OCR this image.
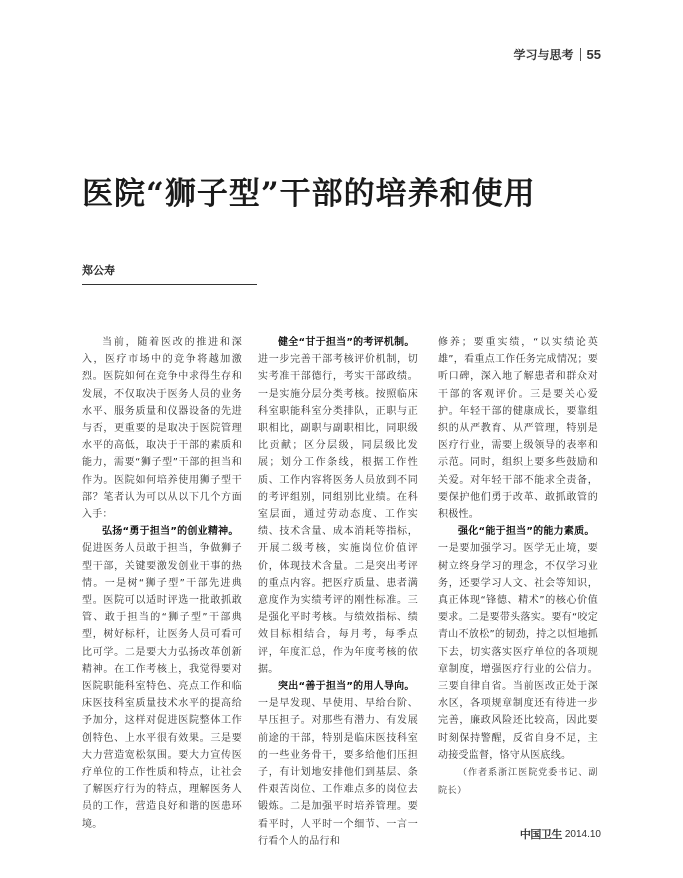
学习与思考 55
医院“狮子型”干部的培养和使用
郑公寿

当前，随着医改的推进和深入，医疗市场中的竞争将越加激烈。医院如何在竞争中求得生存和发展，不仅取决于医务人员的业务水平、服务质量和仪器设备的先进与否，更重要的是取决于医院管理水平的高低，取决于干部的素质和能力，需要“狮子型”干部的担当和作为。医院如何培养使用狮子型干部？笔者认为可以从以下几个方面入手：

弘扬“勇于担当”的创业精神。

促进医务人员敢于担当，争做狮子型干部，关键要激发创业干事的热情。一是树“狮子型”干部先进典型。医院可以适时评选一批敢抓敢管、敢于担当的“狮子型”干部典型，树好标杆，让医务人员可看可比可学。二是要大力弘扬改革创新精神。在工作考核上，我觉得要对医院职能科室特色、亮点工作和临床医技科室质量技术水平的提高给予加分，这样对促进医院整体工作创特色、上水平很有效果。三是要大力营造宽松氛围。要大力宣传医疗单位的工作性质和特点，让社会了解医疗行为的特点，理解医务人员的工作，营造良好和谐的医患环境。

健全“甘于担当”的考评机制。

进一步完善干部考核评价机制，切实考准干部德行，考实干部政绩。一是实施分层分类考核。按照临床科室职能科室分类排队，正职与正职相比，副职与副职相比，同职级比贡献；区分层级，同层级比发展；划分工作条线，根据工作性质、工作内容将医务人员放到不同的考评组别，同组别比业绩。在科室层面，通过劳动态度、工作实绩、技术含量、成本消耗等指标，开展二级考核，实施岗位价值评价，体现技术含量。二是突出考评的重点内容。把医疗质量、患者满意度作为实绩考评的刚性标准。三是强化平时考核。与绩效指标、绩效目标相结合，每月考，每季点评，年度汇总，作为年度考核的依据。

突出“善于担当”的用人导向。

一是早发现、早使用、早给台阶、早压担子。对那些有潜力、有发展前途的干部，特别是临床医技科室的一些业务骨干，要多给他们压担子，有计划地安排他们到基层、条件艰苦岗位、工作难点多的岗位去锻炼。二是加强平时培养管理。要看平时，人平时一个细节、一言一行看个人的品行和

修养；要重实绩，“以实绩论英雄”，看重点工作任务完成情况；要听口碑，深入地了解患者和群众对干部的客观评价。三是要关心爱护。年轻干部的健康成长，要靠组织的从严教育、从严管理，特别是医疗行业，需要上级领导的表率和示范。同时，组织上要多些鼓励和关爱。对年轻干部不能求全责备，要保护他们勇于改革、敢抓敢管的积极性。

强化“能于担当”的能力素质。

一是要加强学习。医学无止境，要树立终身学习的理念，不仅学习业务，还要学习人文、社会等知识，真正体现“锋德、精术”的核心价值要求。二是要带头落实。要有“咬定青山不放松”的韧劲，持之以恒地抓下去，切实落实医疗单位的各项规章制度，增强医疗行业的公信力。三要自律自省。当前医改正处于深水区，各项规章制度还有待进一步完善，廉政风险还比较高，因此要时刻保持警醒，反省自身不足，主动接受监督，恪守从医底线。

（作者系浙江医院党委书记、副院长）

中国卫生 2014.10
